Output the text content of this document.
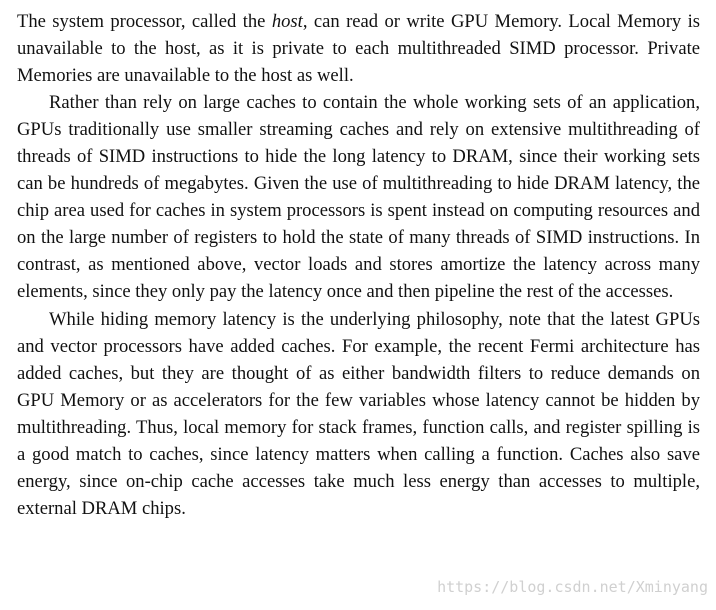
The system processor, called the host, can read or write GPU Memory. Local Memory is unavailable to the host, as it is private to each multithreaded SIMD processor. Private Memories are unavailable to the host as well.

Rather than rely on large caches to contain the whole working sets of an application, GPUs traditionally use smaller streaming caches and rely on extensive multithreading of threads of SIMD instructions to hide the long latency to DRAM, since their working sets can be hundreds of megabytes. Given the use of multithreading to hide DRAM latency, the chip area used for caches in system processors is spent instead on computing resources and on the large number of registers to hold the state of many threads of SIMD instructions. In contrast, as mentioned above, vector loads and stores amortize the latency across many elements, since they only pay the latency once and then pipeline the rest of the accesses.

While hiding memory latency is the underlying philosophy, note that the latest GPUs and vector processors have added caches. For example, the recent Fermi architecture has added caches, but they are thought of as either bandwidth filters to reduce demands on GPU Memory or as accelerators for the few variables whose latency cannot be hidden by multithreading. Thus, local memory for stack frames, function calls, and register spilling is a good match to caches, since latency matters when calling a function. Caches also save energy, since on-chip cache accesses take much less energy than accesses to multiple, external DRAM chips.

https://blog.csdn.net/Xminyang
